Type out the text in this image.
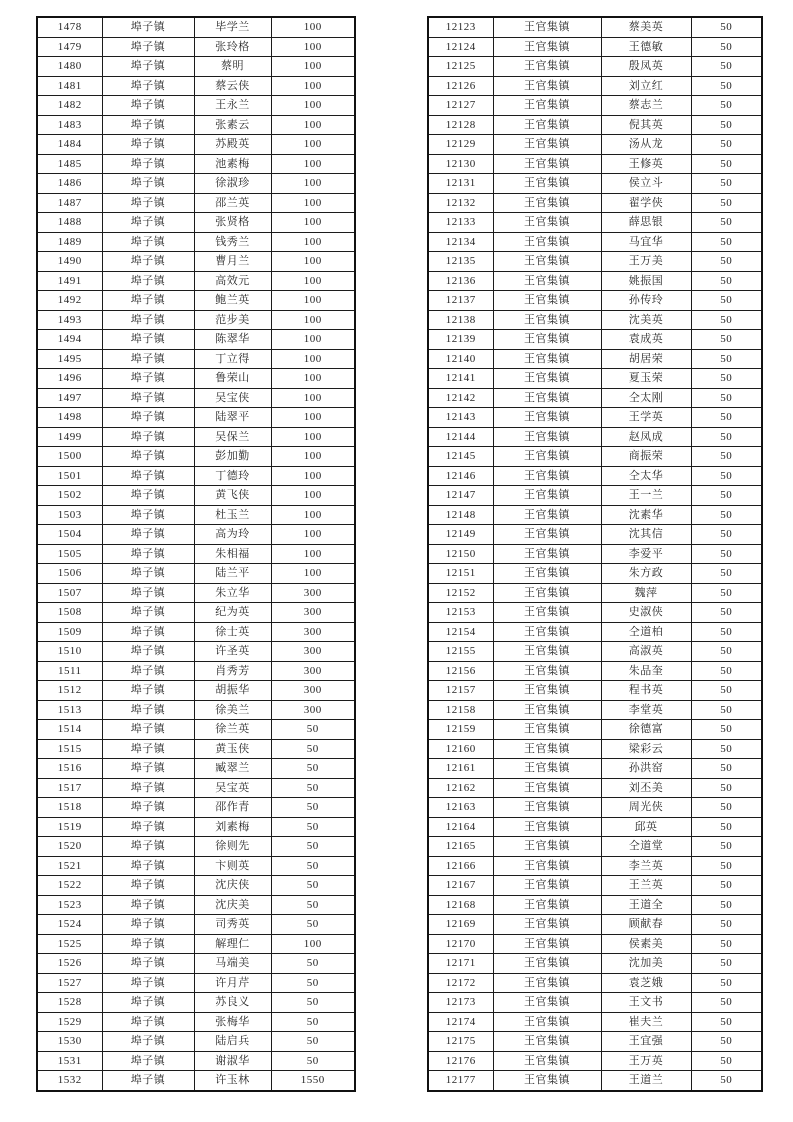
1478	埠子镇	毕学兰	100
1479	埠子镇	张玲格	100
1480	埠子镇	蔡明	100
1481	埠子镇	蔡云侠	100
1482	埠子镇	王永兰	100
1483	埠子镇	张素云	100
1484	埠子镇	苏殿英	100
1485	埠子镇	池素梅	100
1486	埠子镇	徐淑珍	100
1487	埠子镇	邵兰英	100
1488	埠子镇	张贤格	100
1489	埠子镇	钱秀兰	100
1490	埠子镇	曹月兰	100
1491	埠子镇	高效元	100
1492	埠子镇	鲍兰英	100
1493	埠子镇	范步美	100
1494	埠子镇	陈翠华	100
1495	埠子镇	丁立得	100
1496	埠子镇	鲁荣山	100
1497	埠子镇	吴宝侠	100
1498	埠子镇	陆翠平	100
1499	埠子镇	吴保兰	100
1500	埠子镇	彭加勤	100
1501	埠子镇	丁德玲	100
1502	埠子镇	黄飞侠	100
1503	埠子镇	杜玉兰	100
1504	埠子镇	高为玲	100
1505	埠子镇	朱相福	100
1506	埠子镇	陆兰平	100
1507	埠子镇	朱立华	300
1508	埠子镇	纪为英	300
1509	埠子镇	徐士英	300
1510	埠子镇	许圣英	300
1511	埠子镇	肖秀芳	300
1512	埠子镇	胡振华	300
1513	埠子镇	徐美兰	300
1514	埠子镇	徐兰英	50
1515	埠子镇	黄玉侠	50
1516	埠子镇	臧翠兰	50
1517	埠子镇	吴宝英	50
1518	埠子镇	邵作青	50
1519	埠子镇	刘素梅	50
1520	埠子镇	徐则先	50
1521	埠子镇	卞则英	50
1522	埠子镇	沈庆侠	50
1523	埠子镇	沈庆美	50
1524	埠子镇	司秀英	50
1525	埠子镇	解理仁	100
1526	埠子镇	马端美	50
1527	埠子镇	许月芹	50
1528	埠子镇	苏良义	50
1529	埠子镇	张梅华	50
1530	埠子镇	陆启兵	50
1531	埠子镇	谢淑华	50
1532	埠子镇	许玉林	1550
12123	王官集镇	蔡美英	50
12124	王官集镇	王德敏	50
12125	王官集镇	殷凤英	50
12126	王官集镇	刘立红	50
12127	王官集镇	蔡志兰	50
12128	王官集镇	倪其英	50
12129	王官集镇	汤从龙	50
12130	王官集镇	王修英	50
12131	王官集镇	侯立斗	50
12132	王官集镇	翟学侠	50
12133	王官集镇	薛思银	50
12134	王官集镇	马宜华	50
12135	王官集镇	王万美	50
12136	王官集镇	姚振国	50
12137	王官集镇	孙传玲	50
12138	王官集镇	沈美英	50
12139	王官集镇	袁成英	50
12140	王官集镇	胡居荣	50
12141	王官集镇	夏玉荣	50
12142	王官集镇	仝太刚	50
12143	王官集镇	王学英	50
12144	王官集镇	赵凤成	50
12145	王官集镇	商振荣	50
12146	王官集镇	仝太华	50
12147	王官集镇	王一兰	50
12148	王官集镇	沈素华	50
12149	王官集镇	沈其信	50
12150	王官集镇	李爱平	50
12151	王官集镇	朱方政	50
12152	王官集镇	魏萍	50
12153	王官集镇	史淑侠	50
12154	王官集镇	仝道柏	50
12155	王官集镇	高淑英	50
12156	王官集镇	朱品奎	50
12157	王官集镇	程书英	50
12158	王官集镇	李堂英	50
12159	王官集镇	徐德富	50
12160	王官集镇	梁彩云	50
12161	王官集镇	孙洪窑	50
12162	王官集镇	刘丕美	50
12163	王官集镇	周光侠	50
12164	王官集镇	邱英	50
12165	王官集镇	仝道堂	50
12166	王官集镇	李兰英	50
12167	王官集镇	王兰英	50
12168	王官集镇	王道全	50
12169	王官集镇	顾献春	50
12170	王官集镇	侯素美	50
12171	王官集镇	沈加美	50
12172	王官集镇	袁芝娥	50
12173	王官集镇	王文书	50
12174	王官集镇	崔夫兰	50
12175	王官集镇	王宜强	50
12176	王官集镇	王万英	50
12177	王官集镇	王道兰	50
